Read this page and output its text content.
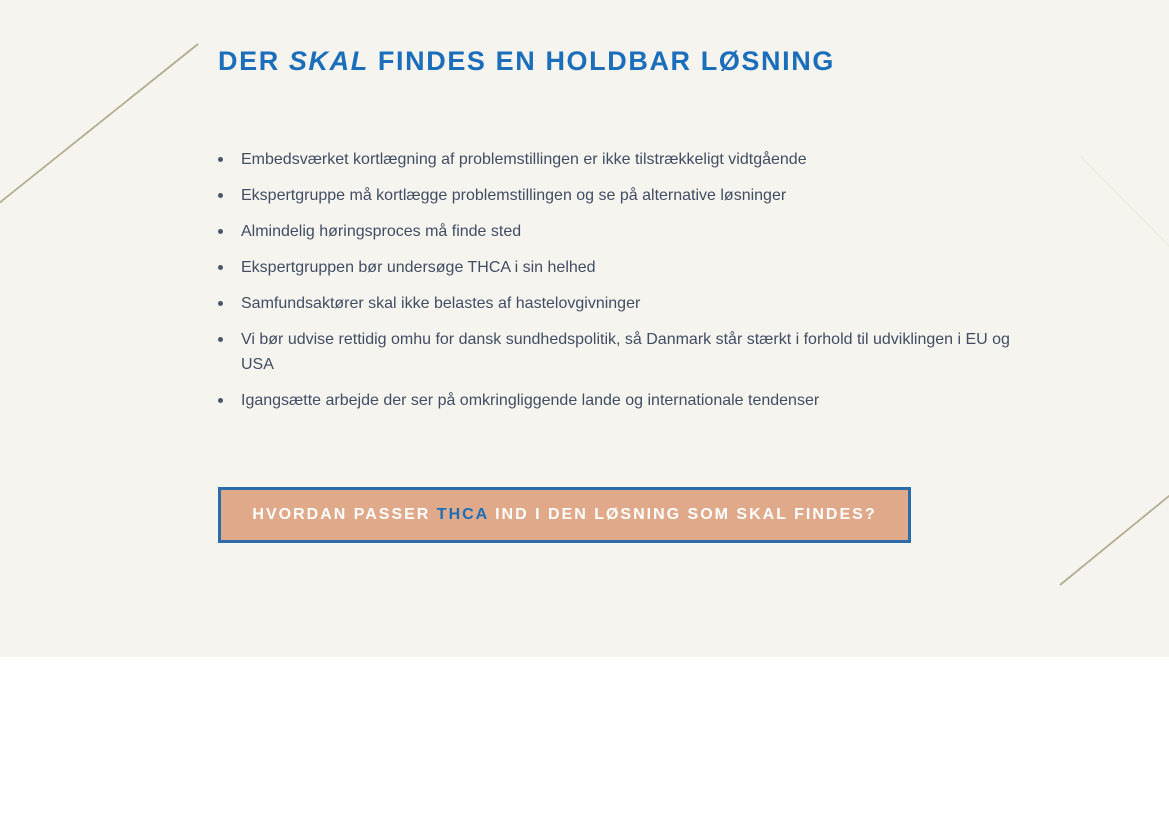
DER SKAL FINDES EN HOLDBAR LØSNING
Embedsværket kortlægning af problemstillingen er ikke tilstrækkeligt vidtgående
Ekspertgruppe må kortlægge problemstillingen og se på alternative løsninger
Almindelig høringsproces må finde sted
Ekspertgruppen bør undersøge THCA i sin helhed
Samfundsaktører skal ikke belastes af hastelovgivninger
Vi bør udvise rettidig omhu for dansk sundhedspolitik, så Danmark står stærkt i forhold til udviklingen i EU og USA
Igangsætte arbejde der ser på omkringliggende lande og internationale tendenser
HVORDAN PASSER THCA IND I DEN LØSNING SOM SKAL FINDES?
